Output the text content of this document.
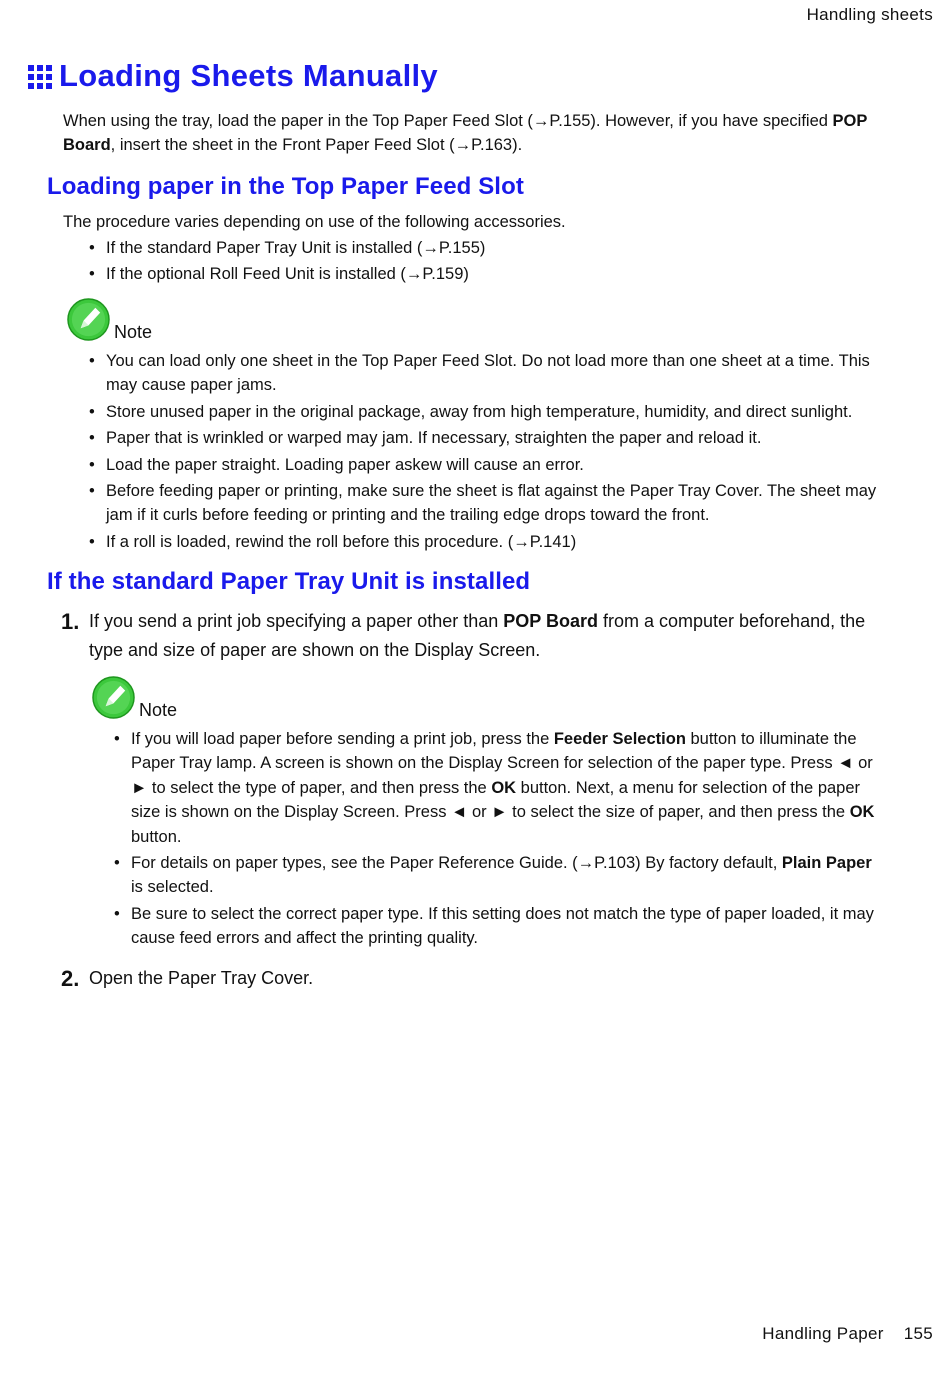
Handling sheets
Loading Sheets Manually
When using the tray, load the paper in the Top Paper Feed Slot (→P.155). However, if you have specified POP Board, insert the sheet in the Front Paper Feed Slot (→P.163).
Loading paper in the Top Paper Feed Slot
The procedure varies depending on use of the following accessories.
• If the standard Paper Tray Unit is installed (→P.155)
• If the optional Roll Feed Unit is installed (→P.159)
Note
• You can load only one sheet in the Top Paper Feed Slot. Do not load more than one sheet at a time. This may cause paper jams.
• Store unused paper in the original package, away from high temperature, humidity, and direct sunlight.
• Paper that is wrinkled or warped may jam. If necessary, straighten the paper and reload it.
• Load the paper straight. Loading paper askew will cause an error.
• Before feeding paper or printing, make sure the sheet is flat against the Paper Tray Cover. The sheet may jam if it curls before feeding or printing and the trailing edge drops toward the front.
• If a roll is loaded, rewind the roll before this procedure. (→P.141)
If the standard Paper Tray Unit is installed
1. If you send a print job specifying a paper other than POP Board from a computer beforehand, the type and size of paper are shown on the Display Screen.
Note
• If you will load paper before sending a print job, press the Feeder Selection button to illuminate the Paper Tray lamp. A screen is shown on the Display Screen for selection of the paper type. Press ◄ or ► to select the type of paper, and then press the OK button. Next, a menu for selection of the paper size is shown on the Display Screen. Press ◄ or ► to select the size of paper, and then press the OK button.
• For details on paper types, see the Paper Reference Guide. (→P.103) By factory default, Plain Paper is selected.
• Be sure to select the correct paper type. If this setting does not match the type of paper loaded, it may cause feed errors and affect the printing quality.
2. Open the Paper Tray Cover.
Handling Paper 155
